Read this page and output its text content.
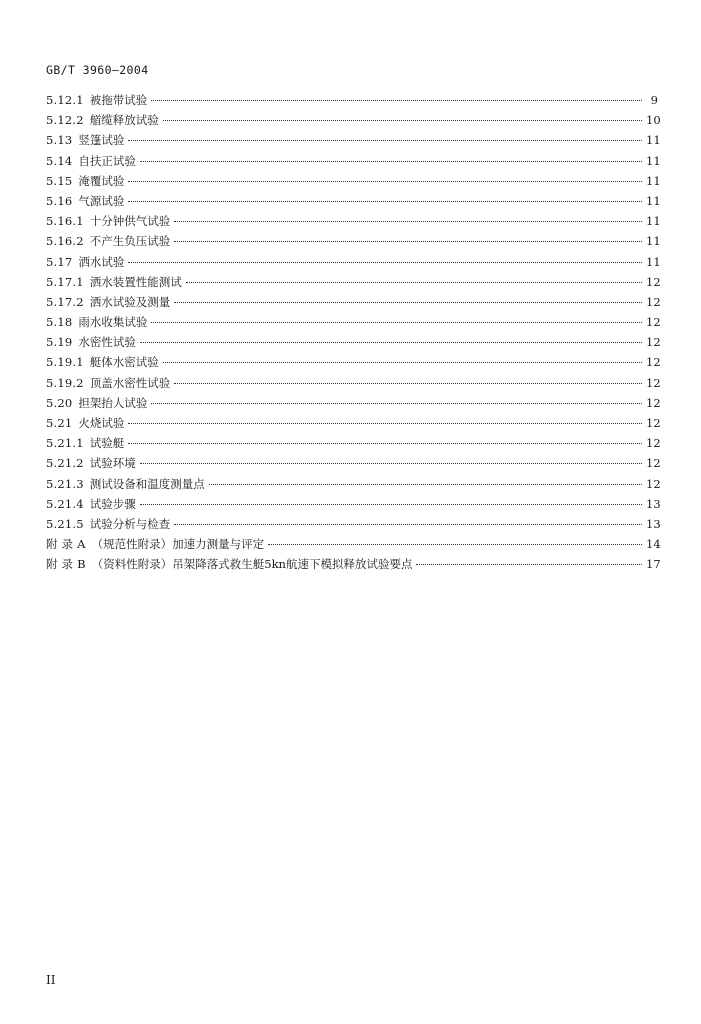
GB/T 3960—2004
5.12.1 被拖带试验	9
5.12.2 艏缆释放试验	10
5.13 竖篷试验	11
5.14 自扶正试验	11
5.15 淹覆试验	11
5.16 气源试验	11
5.16.1 十分钟供气试验	11
5.16.2 不产生负压试验	11
5.17 洒水试验	11
5.17.1 洒水装置性能测试	12
5.17.2 洒水试验及测量	12
5.18 雨水收集试验	12
5.19 水密性试验	12
5.19.1 艇体水密试验	12
5.19.2 顶盖水密性试验	12
5.20 担架抬人试验	12
5.21 火烧试验	12
5.21.1 试验艇	12
5.21.2 试验环境	12
5.21.3 测试设备和温度测量点	12
5.21.4 试验步骤	13
5.21.5 试验分析与检查	13
附 录 A （规范性附录）加速力测量与评定	14
附 录 B （资料性附录）吊架降落式救生艇5kn航速下模拟释放试验要点	17
II
